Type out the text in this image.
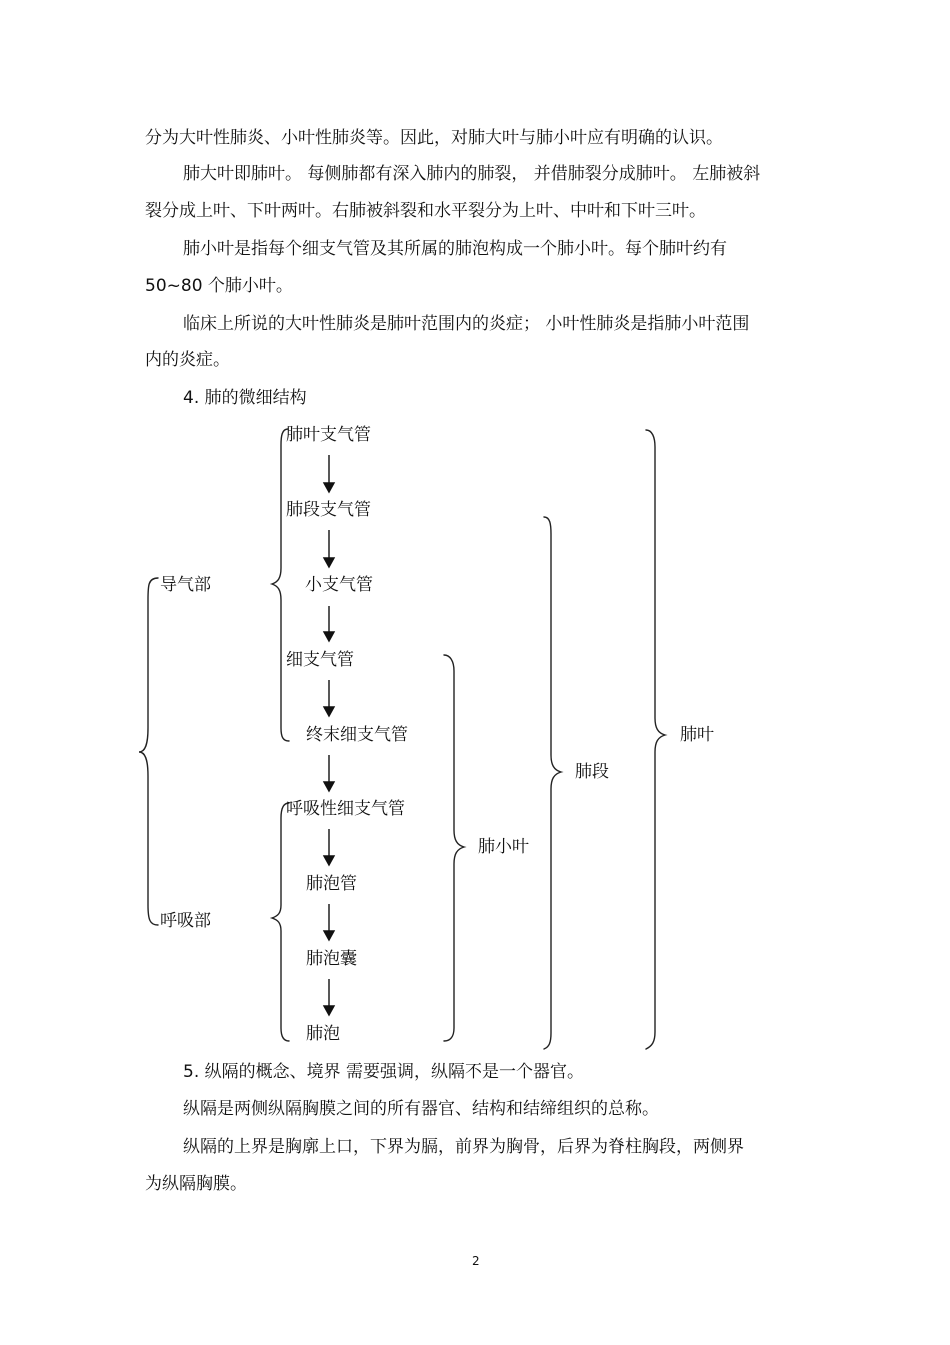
分为大叶性肺炎、小叶性肺炎等。因此，对肺大叶与肺小叶应有明确的认识。
肺大叶即肺叶。 每侧肺都有深入肺内的肺裂， 并借肺裂分成肺叶。 左肺被斜
裂分成上叶、下叶两叶。右肺被斜裂和水平裂分为上叶、中叶和下叶三叶。
肺小叶是指每个细支气管及其所属的肺泡构成一个肺小叶。每个肺叶约有
50~80 个肺小叶。
临床上所说的大叶性肺炎是肺叶范围内的炎症； 小叶性肺炎是指肺小叶范围
内的炎症。
4. 肺的微细结构
肺叶支气管
肺段支气管
小支气管
细支气管
终末细支气管
呼吸性细支气管
肺泡管
肺泡囊
肺泡
导气部
呼吸部
肺小叶
肺段
肺叶
5. 纵隔的概念、境界 需要强调，纵隔不是一个器官。
纵隔是两侧纵隔胸膜之间的所有器官、结构和结缔组织的总称。
纵隔的上界是胸廓上口，下界为膈，前界为胸骨，后界为脊柱胸段，两侧界
为纵隔胸膜。
2
